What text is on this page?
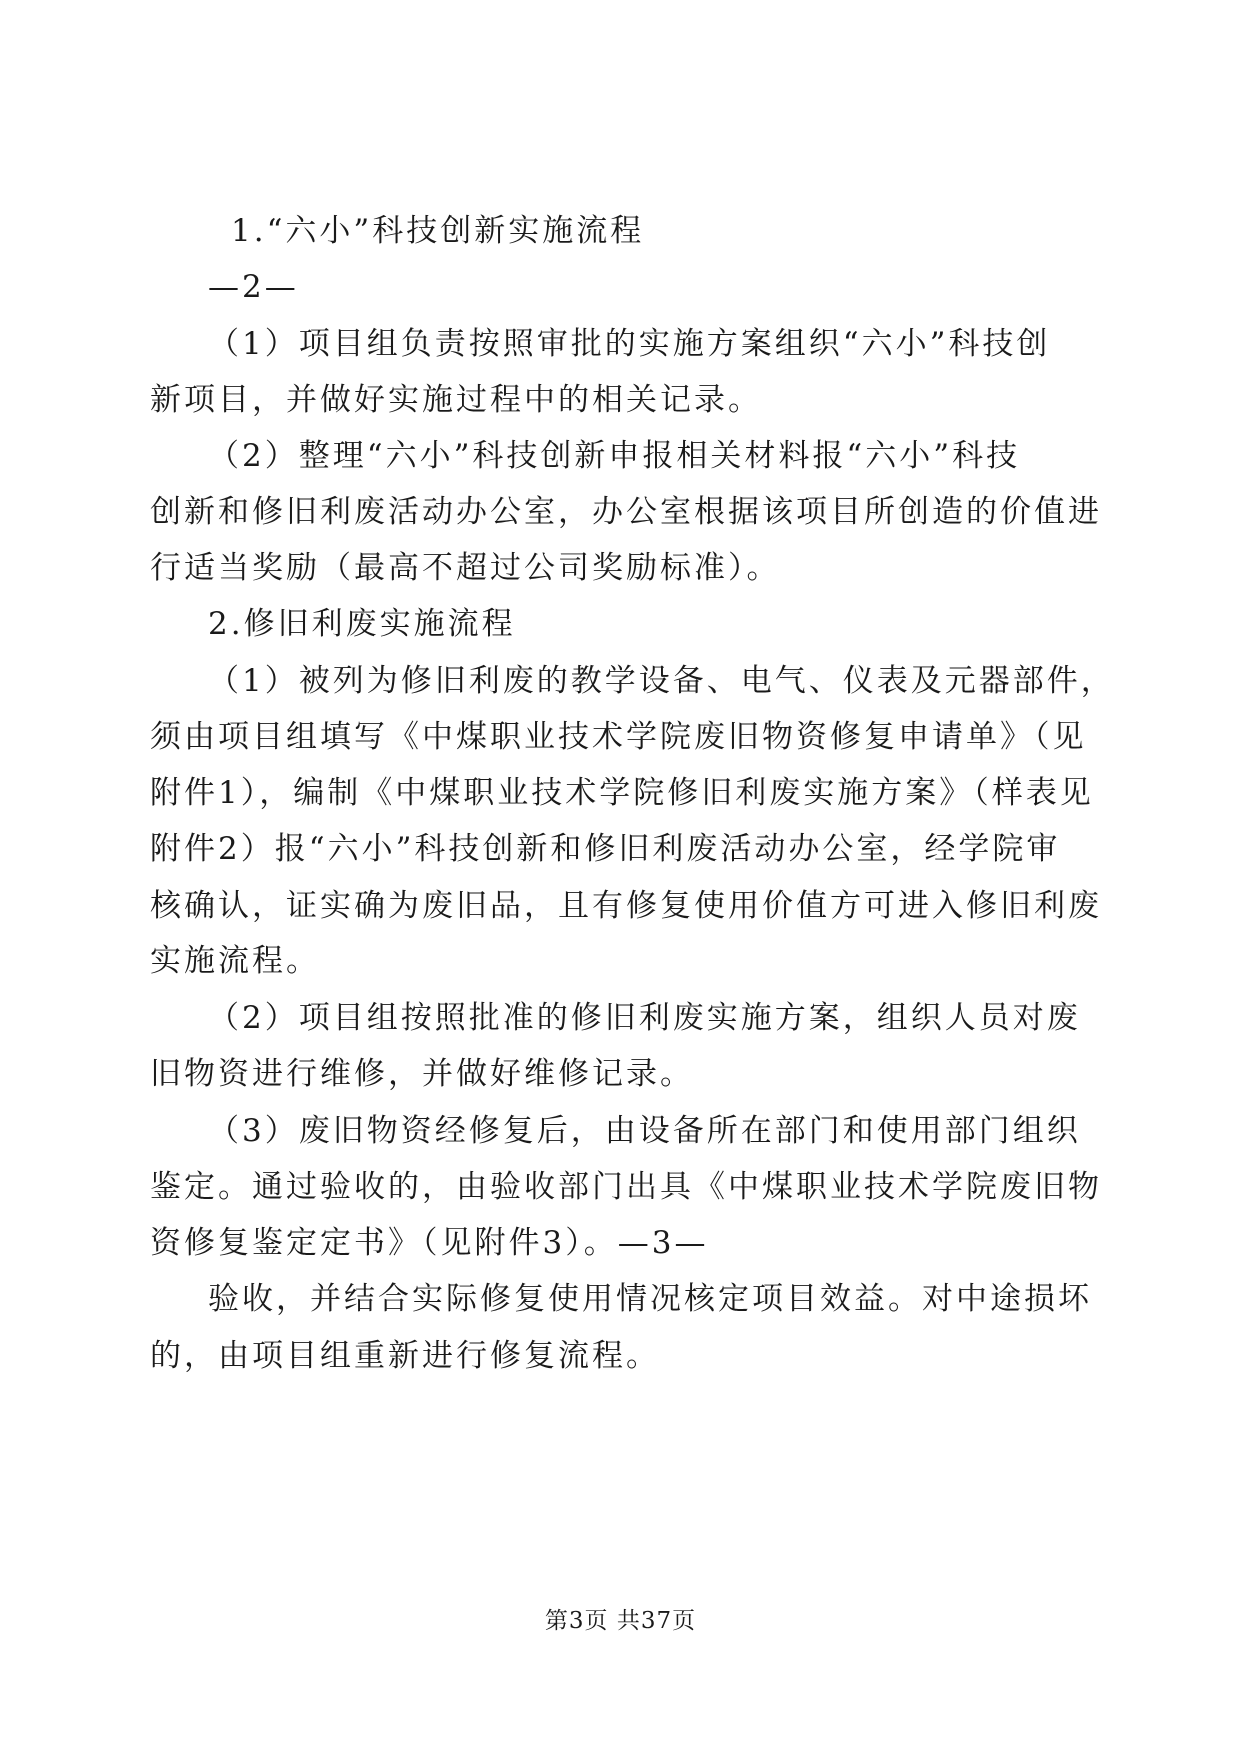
1.“六小”科技创新实施流程
—2—
（1）项目组负责按照审批的实施方案组织“六小”科技创
新项目，并做好实施过程中的相关记录。
（2）整理“六小”科技创新申报相关材料报“六小”科技
创新和修旧利废活动办公室，办公室根据该项目所创造的价值进
行适当奖励（最高不超过公司奖励标准）。
2.修旧利废实施流程
（1）被列为修旧利废的教学设备、电气、仪表及元器部件，
须由项目组填写《中煤职业技术学院废旧物资修复申请单》（见
附件1），编制《中煤职业技术学院修旧利废实施方案》（样表见
附件2）报“六小”科技创新和修旧利废活动办公室，经学院审
核确认，证实确为废旧品，且有修复使用价值方可进入修旧利废
实施流程。
（2）项目组按照批准的修旧利废实施方案，组织人员对废
旧物资进行维修，并做好维修记录。
（3）废旧物资经修复后，由设备所在部门和使用部门组织
鉴定。通过验收的，由验收部门出具《中煤职业技术学院废旧物
资修复鉴定定书》（见附件3）。—3—
验收，并结合实际修复使用情况核定项目效益。对中途损坏
的，由项目组重新进行修复流程。
第3页 共37页
